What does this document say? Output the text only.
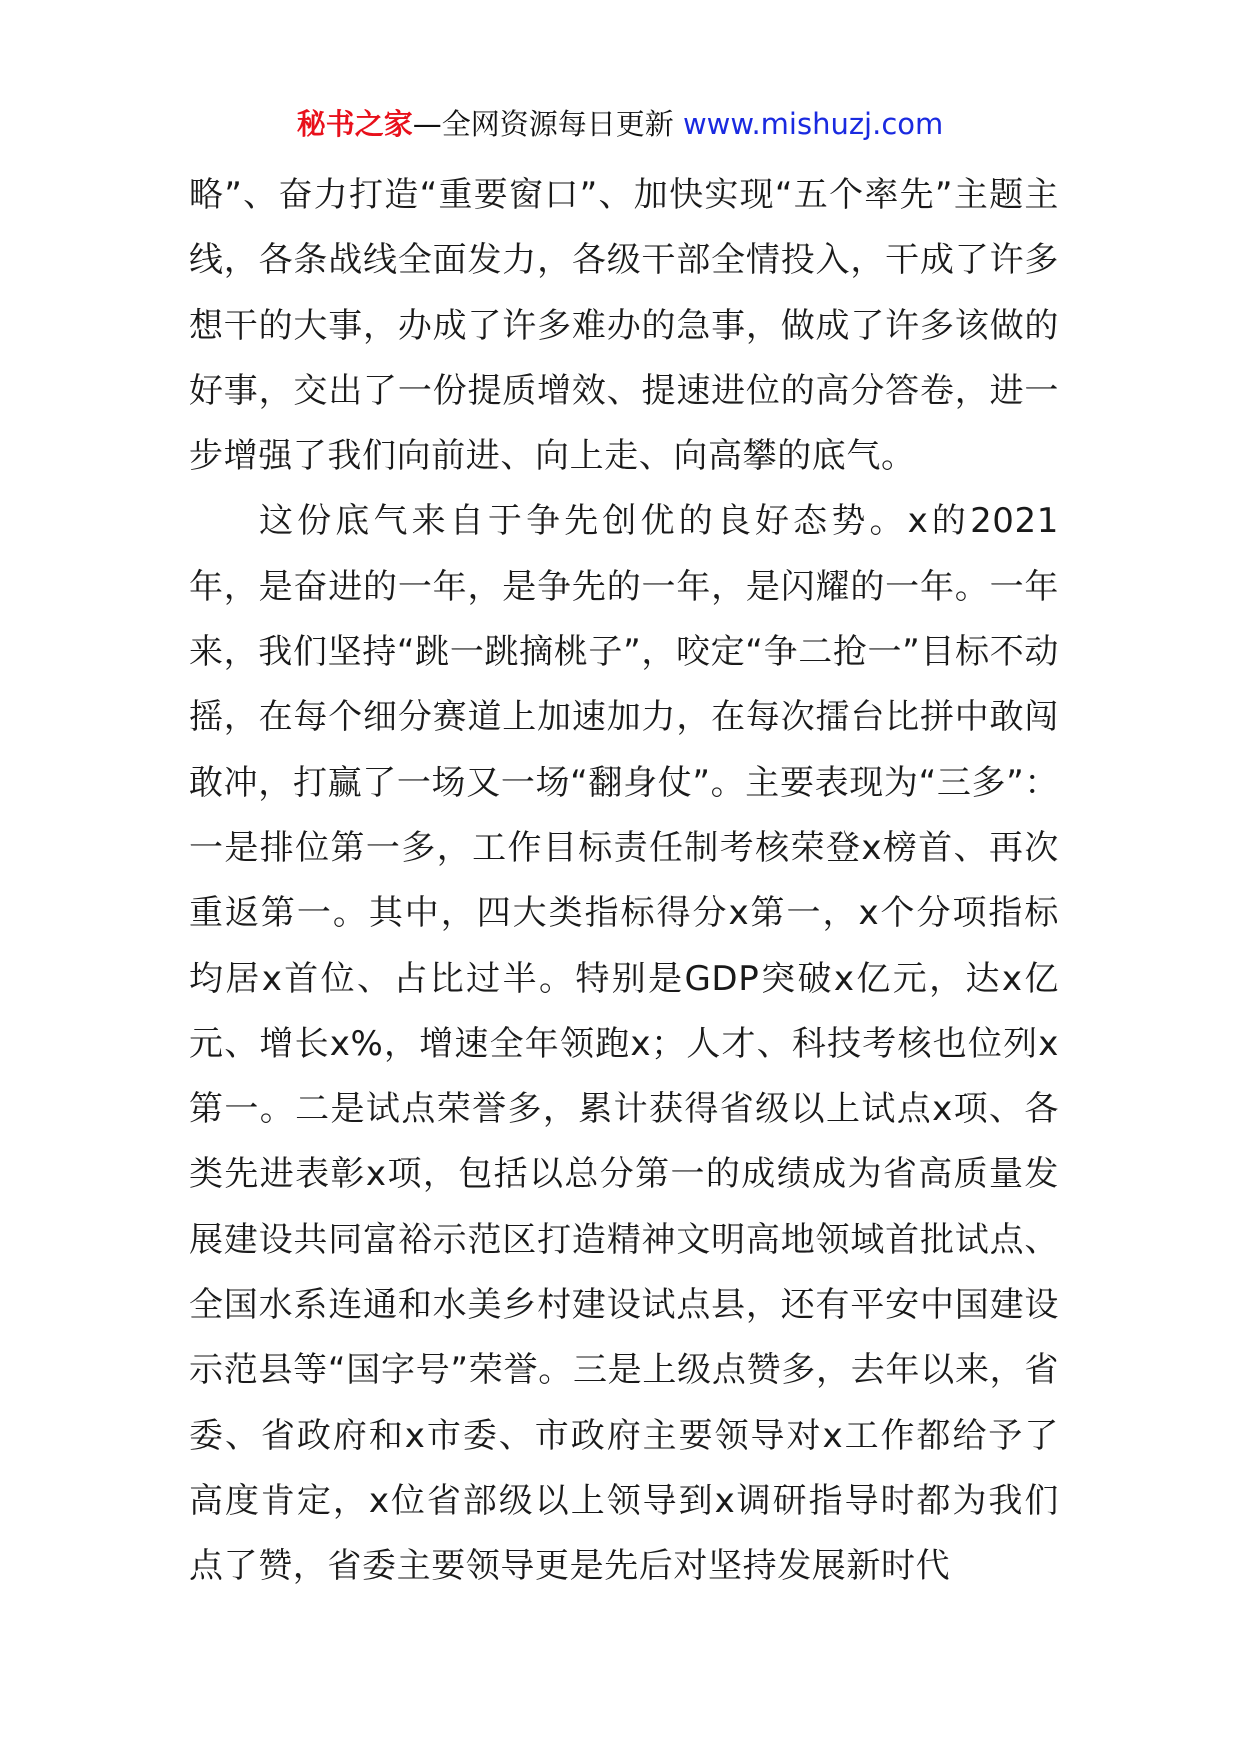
秘书之家—全网资源每日更新 www.mishuzj.com

略”、奋力打造“重要窗口”、加快实现“五个率先”主题主线，各条战线全面发力，各级干部全情投入，干成了许多想干的大事，办成了许多难办的急事，做成了许多该做的好事，交出了一份提质增效、提速进位的高分答卷，进一步增强了我们向前进、向上走、向高攀的底气。

这份底气来自于争先创优的良好态势。x的2021年，是奋进的一年，是争先的一年，是闪耀的一年。一年来，我们坚持“跳一跳摘桃子”，咬定“争二抢一”目标不动摇，在每个细分赛道上加速加力，在每次擂台比拼中敢闯敢冲，打赢了一场又一场“翻身仗”。主要表现为“三多”：一是排位第一多，工作目标责任制考核荣登x榜首、再次重返第一。其中，四大类指标得分x第一，x个分项指标均居x首位、占比过半。特别是GDP突破x亿元，达x亿元、增长x%，增速全年领跑x；人才、科技考核也位列x第一。二是试点荣誉多，累计获得省级以上试点x项、各类先进表彰x项，包括以总分第一的成绩成为省高质量发展建设共同富裕示范区打造精神文明高地领域首批试点、全国水系连通和水美乡村建设试点县，还有平安中国建设示范县等“国字号”荣誉。三是上级点赞多，去年以来，省委、省政府和x市委、市政府主要领导对x工作都给予了高度肯定，x位省部级以上领导到x调研指导时都为我们点了赞，省委主要领导更是先后对坚持发展新时代
